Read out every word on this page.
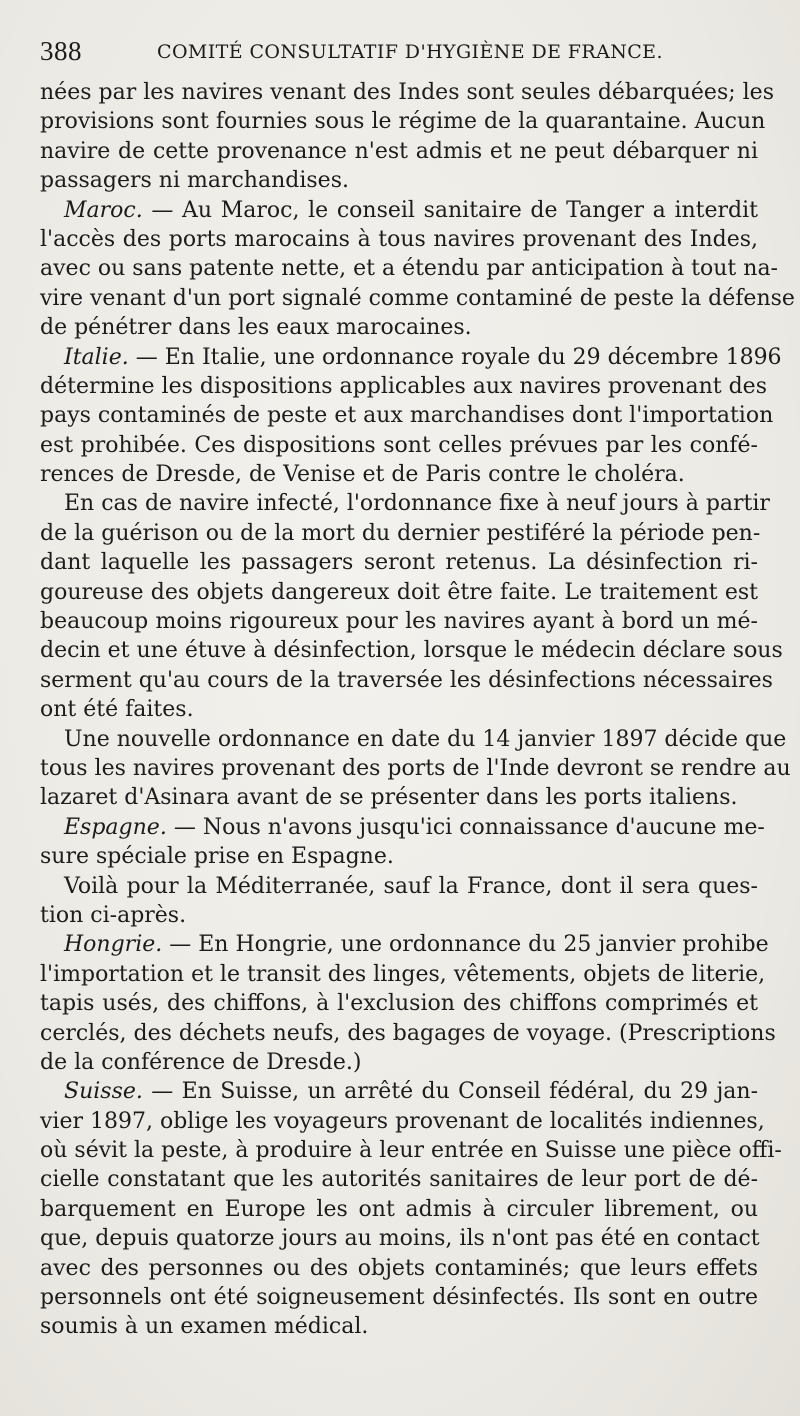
388	COMITÉ CONSULTATIF D'HYGIÈNE DE FRANCE.
nées par les navires venant des Indes sont seules débarquées; les
provisions sont fournies sous le régime de la quarantaine. Aucun
navire de cette provenance n'est admis et ne peut débarquer ni
passagers ni marchandises.
Maroc. — Au Maroc, le conseil sanitaire de Tanger a interdit
l'accès des ports marocains à tous navires provenant des Indes,
avec ou sans patente nette, et a étendu par anticipation à tout na-
vire venant d'un port signalé comme contaminé de peste la défense
de pénétrer dans les eaux marocaines.
Italie. — En Italie, une ordonnance royale du 29 décembre 1896
détermine les dispositions applicables aux navires provenant des
pays contaminés de peste et aux marchandises dont l'importation
est prohibée. Ces dispositions sont celles prévues par les confé-
rences de Dresde, de Venise et de Paris contre le choléra.
En cas de navire infecté, l'ordonnance fixe à neuf jours à partir
de la guérison ou de la mort du dernier pestiféré la période pen-
dant laquelle les passagers seront retenus. La désinfection ri-
goureuse des objets dangereux doit être faite. Le traitement est
beaucoup moins rigoureux pour les navires ayant à bord un mé-
decin et une étuve à désinfection, lorsque le médecin déclare sous
serment qu'au cours de la traversée les désinfections nécessaires
ont été faites.
Une nouvelle ordonnance en date du 14 janvier 1897 décide que
tous les navires provenant des ports de l'Inde devront se rendre au
lazaret d'Asinara avant de se présenter dans les ports italiens.
Espagne. — Nous n'avons jusqu'ici connaissance d'aucune me-
sure spéciale prise en Espagne.
Voilà pour la Méditerranée, sauf la France, dont il sera ques-
tion ci-après.
Hongrie. — En Hongrie, une ordonnance du 25 janvier prohibe
l'importation et le transit des linges, vêtements, objets de literie,
tapis usés, des chiffons, à l'exclusion des chiffons comprimés et
cerclés, des déchets neufs, des bagages de voyage. (Prescriptions
de la conférence de Dresde.)
Suisse. — En Suisse, un arrêté du Conseil fédéral, du 29 jan-
vier 1897, oblige les voyageurs provenant de localités indiennes,
où sévit la peste, à produire à leur entrée en Suisse une pièce offi-
cielle constatant que les autorités sanitaires de leur port de dé-
barquement en Europe les ont admis à circuler librement, ou
que, depuis quatorze jours au moins, ils n'ont pas été en contact
avec des personnes ou des objets contaminés; que leurs effets
personnels ont été soigneusement désinfectés. Ils sont en outre
soumis à un examen médical.
